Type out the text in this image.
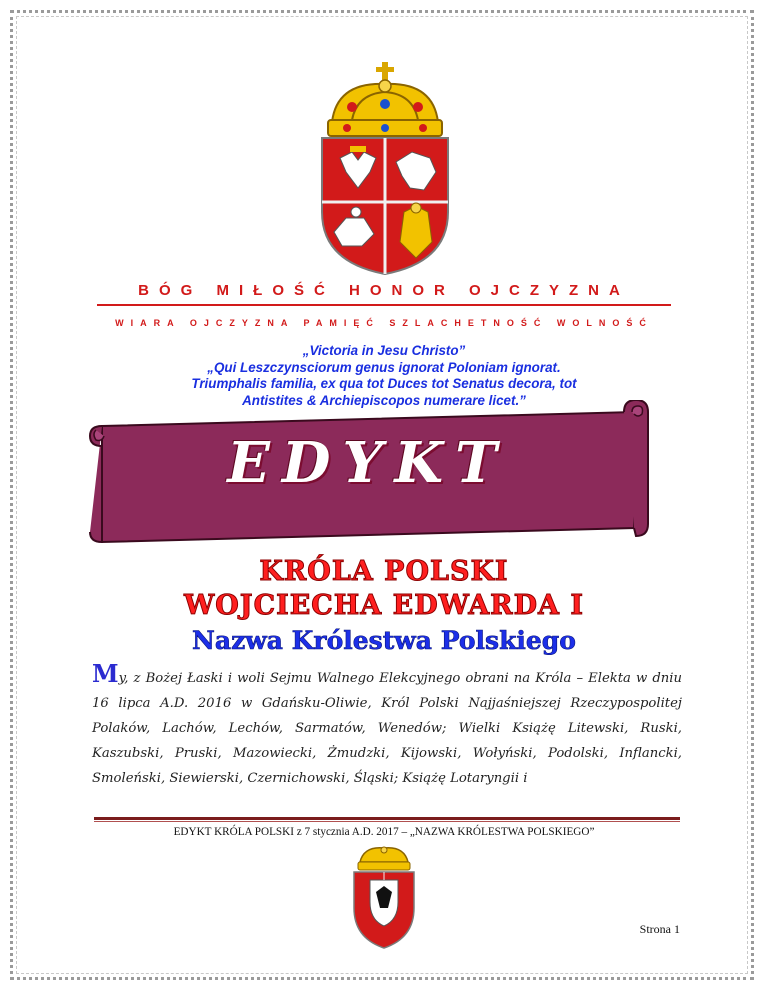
BÓG MIŁOŚĆ HONOR OJCZYZNA
WIARA OJCZYZNA PAMIĘĆ SZLACHETNOŚĆ WOLNOŚĆ
„Victoria in Jesu Christo”
„Qui Leszczynsciorum genus ignorat Poloniam ignorat.
Triumphalis familia, ex qua tot Duces tot Senatus decora, tot
Antistites & Archiepiscopos numerare licet.”
EDYKT
KRÓLA POLSKI
WOJCIECHA EDWARDA I
Nazwa Królestwa Polskiego
My, z Bożej Łaski i woli Sejmu Walnego Elekcyjnego obrani na Króla – Elekta w dniu 16 lipca A.D. 2016 w Gdańsku-Oliwie, Król Polski Najjaśniejszej Rzeczypospolitej Polaków, Lachów, Lechów, Sarmatów, Wenedów; Wielki Książę Litewski, Ruski, Kaszubski, Pruski, Mazowiecki, Żmudzki, Kijowski, Wołyński, Podolski, Inflancki, Smoleński, Siewierski, Czernichowski, Śląski; Książę Lotaryngii i
EDYKT KRÓLA POLSKI z 7 stycznia A.D. 2017 – „NAZWA KRÓLESTWA POLSKIEGO”
Strona 1
